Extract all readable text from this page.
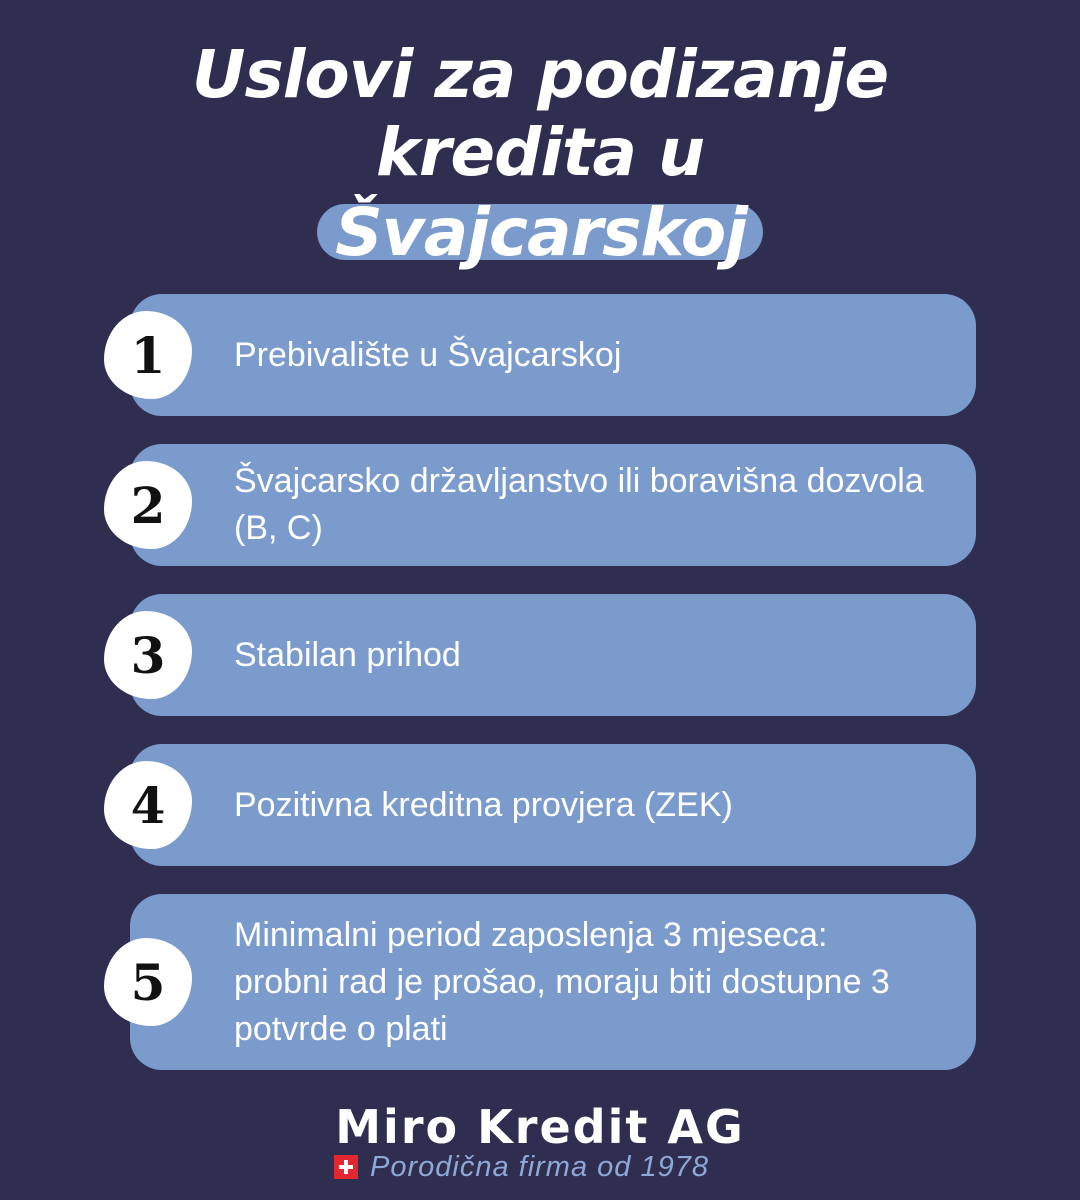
Uslovi za podizanje
kredita u
Švajcarskoj
Prebivalište u Švajcarskoj
1
Švajcarsko državljanstvo ili boravišna dozvola (B, C)
2
Stabilan prihod
3
Pozitivna kreditna provjera (ZEK)
4
Minimalni period zaposlenja 3 mjeseca: probni rad je prošao, moraju biti dostupne 3 potvrde o plati
5
Miro Kredit AG
Porodična firma od 1978
